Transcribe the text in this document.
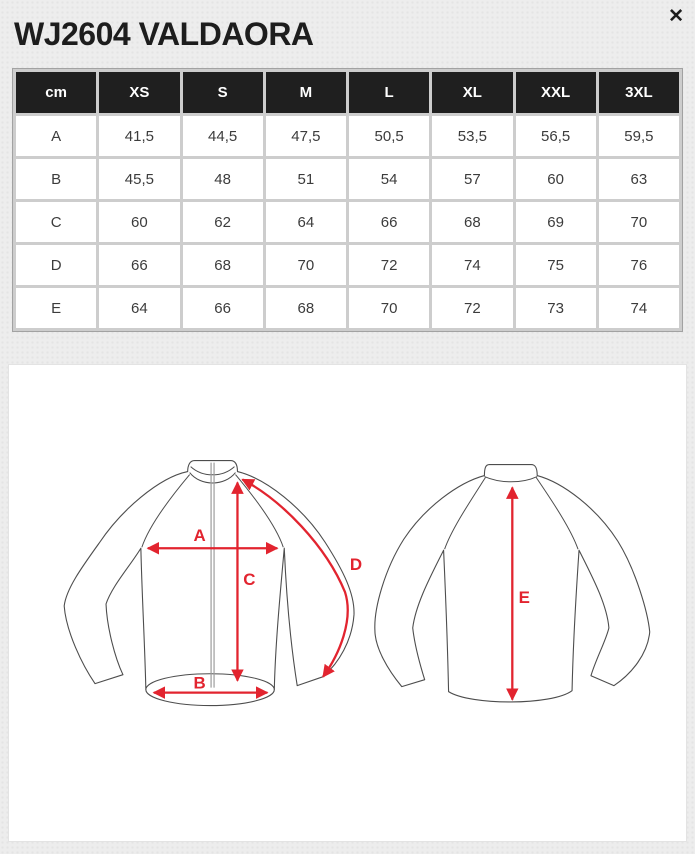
WJ2604 VALDAORA	✕
cm	XS	S	M	L	XL	XXL	3XL
A	41,5	44,5	47,5	50,5	53,5	56,5	59,5
B	45,5	48	51	54	57	60	63
C	60	62	64	66	68	69	70
D	66	68	70	72	74	75	76
E	64	66	68	70	72	73	74
A
C
B
D
E
